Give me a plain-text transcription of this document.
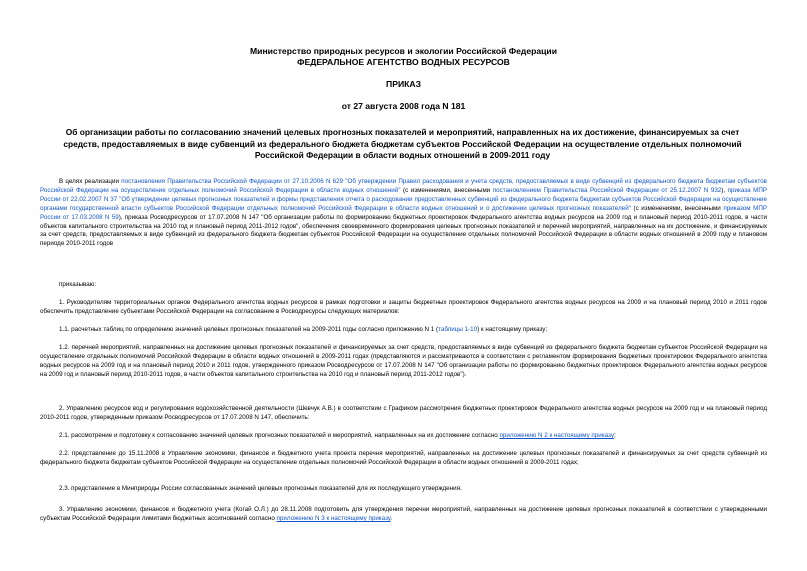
Министерство природных ресурсов и экологии Российской Федерации
ФЕДЕРАЛЬНОЕ АГЕНТСТВО ВОДНЫХ РЕСУРСОВ
ПРИКАЗ
от 27 августа 2008 года N 181
Об организации работы по согласованию значений целевых прогнозных показателей и мероприятий, направленных на их достижение, финансируемых за счет средств, предоставляемых в виде субвенций из федерального бюджета бюджетам субъектов Российской Федерации на осуществление отдельных полномочий Российской Федерации в области водных отношений в 2009-2011 году
В целях реализации постановления Правительства Российской Федерации от 27.10.2006 N 629 "Об утверждении Правил расходования и учета средств, предоставляемых в виде субвенций из федерального бюджета бюджетам субъектов Российской Федерации на осуществление отдельных полномочий Российской Федерации в области водных отношений" (с изменениями, внесенными постановлением Правительства Российской Федерации от 25.12.2007 N 932), приказа МПР России от 22.02.2007 N 37 "Об утверждении целевых прогнозных показателей и формы представления отчета о расходовании предоставленных субвенций из федерального бюджета бюджетам субъектов Российской Федерации на осуществление органами государственной власти субъектов Российской Федерации отдельных полномочий Российской Федерации в области водных отношений и о достижении целевых прогнозных показателей" (с изменениями, внесенными приказом МПР России от 17.03.2008 N 59), приказа Росводресурсов от 17.07.2008 N 147 "Об организации работы по формированию бюджетных проектировок Федерального агентства водных ресурсов на 2009 год и плановый период 2010-2011 годов, в части объектов капитального строительства на 2010 год и плановый период 2011-2012 годов", обеспечения своевременного формирования целевых прогнозных показателей и перечней мероприятий, направленных на их достижение, и финансируемых за счет средств, предоставляемых в виде субвенций из федерального бюджета бюджетам субъектов Российской Федерации на осуществление отдельных полномочий Российской Федерации в области водных отношений в 2009 году и плановом периоде 2010-2011 годов
приказываю:
1. Руководителям территориальных органов Федерального агентства водных ресурсов в рамках подготовки и защиты бюджетных проектировок Федерального агентства водных ресурсов на 2009 и на плановый период 2010 и 2011 годов обеспечить представление субъектами Российской Федерации на согласование в Росводресурсы следующих материалов:
1.1. расчетных таблиц по определению значений целевых прогнозных показателей на 2009-2011 годы согласно приложению N 1 (таблицы 1-10) к настоящему приказу;
1.2. перечней мероприятий, направленных на достижение целевых прогнозных показателей и финансируемых за счет средств, предоставляемых в виде субвенций из федерального бюджета бюджетам субъектов Российской Федерации на осуществление отдельных полномочий Российской Федерации в области водных отношений в 2009-2011 годах (представляются и рассматриваются в соответствии с регламентом формирования бюджетных проектировок Федерального агентства водных ресурсов на 2009 год и на плановый период 2010 и 2011 годов, утвержденного приказом Росводресурсов от 17.07.2008 N 147 "Об организации работы по формированию бюджетных проектировок Федерального агентства водных ресурсов на 2009 год и плановый период 2010-2011 годов, в части объектов капитального строительства на 2010 год и плановый период 2011-2012 годов").
2. Управлению ресурсов вод и регулирования водохозяйственной деятельности (Шевчук А.В.) в соответствии с Графиком рассмотрения бюджетных проектировок Федерального агентства водных ресурсов на 2009 год и на плановый период 2010-2011 годов, утвержденным приказом Росводресурсов от 17.07.2008 N 147, обеспечить:
2.1. рассмотрение и подготовку к согласованию значений целевых прогнозных показателей и мероприятий, направленных на их достижение согласно приложению N 2 к настоящему приказу;
2.2. представление до 15.11.2008 в Управление экономики, финансов и бюджетного учета проекта перечня мероприятий, направленных на достижение целевых прогнозных показателей и финансируемых за счет средств субвенций из федерального бюджета бюджетам субъектов Российской Федерации на осуществление отдельных полномочий Российской Федерации в области водных отношений в 2009-2011 годах;
2.3. представление в Минприроды России согласованных значений целевых прогнозных показателей для их последующего утверждения.
3. Управлению экономики, финансов и бюджетного учета (Когай О.Л.) до 28.11.2008 подготовить для утверждения перечни мероприятий, направленных на достижение целевых прогнозных показателей в соответствии с утвержденными субъектам Российской Федерации лимитами бюджетных ассигнований согласно приложению N 3 к настоящему приказу.
